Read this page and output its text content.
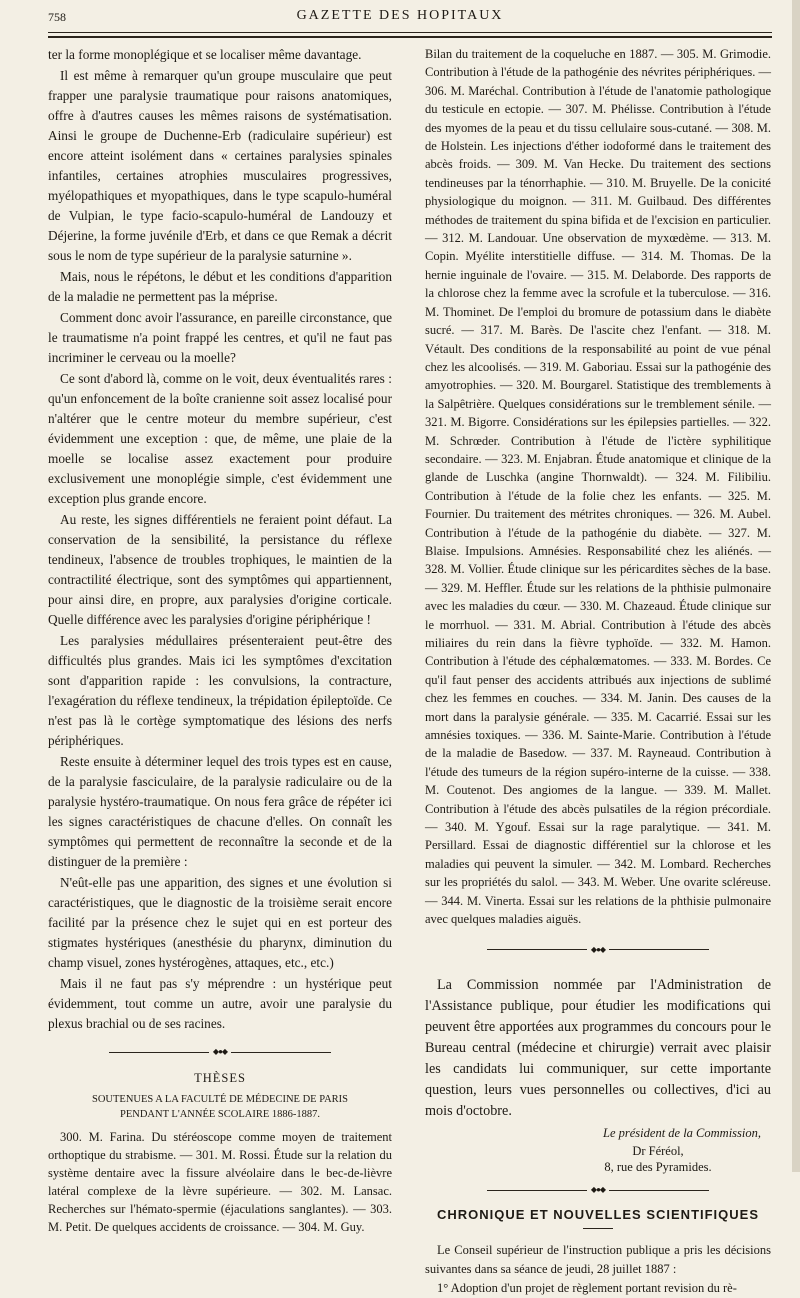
758	GAZETTE DES HOPITAUX

ter la forme monoplégique et se localiser même davantage.

Il est même à remarquer qu'un groupe musculaire que peut frapper une paralysie traumatique pour raisons anatomiques, offre à d'autres causes les mêmes raisons de systématisation. Ainsi le groupe de Duchenne-Erb (radiculaire supérieur) est encore atteint isolément dans « certaines paralysies spinales infantiles, certaines atrophies musculaires progressives, myélopathiques et myopathiques, dans le type scapulo-huméral de Vulpian, le type facio-scapulo-huméral de Landouzy et Déjerine, la forme juvénile d'Erb, et dans ce que Remak a décrit sous le nom de type supérieur de la paralysie saturnine ».

Mais, nous le répétons, le début et les conditions d'apparition de la maladie ne permettent pas la méprise.

Comment donc avoir l'assurance, en pareille circonstance, que le traumatisme n'a point frappé les centres, et qu'il ne faut pas incriminer le cerveau ou la moelle?

Ce sont d'abord là, comme on le voit, deux éventualités rares : qu'un enfoncement de la boîte cranienne soit assez localisé pour n'altérer que le centre moteur du membre supérieur, c'est évidemment une exception : que, de même, une plaie de la moelle se localise assez exactement pour produire exclusivement une monoplégie simple, c'est évidemment une exception plus grande encore.

Au reste, les signes différentiels ne feraient point défaut. La conservation de la sensibilité, la persistance du réflexe tendineux, l'absence de troubles trophiques, le maintien de la contractilité électrique, sont des symptômes qui appartiennent, pour ainsi dire, en propre, aux paralysies d'origine corticale. Quelle différence avec les paralysies d'origine périphérique !

Les paralysies médullaires présenteraient peut-être des difficultés plus grandes. Mais ici les symptômes d'excitation sont d'apparition rapide : les convulsions, la contracture, l'exagération du réflexe tendineux, la trépidation épileptoïde. Ce n'est pas là le cortège symptomatique des lésions des nerfs périphériques.

Reste ensuite à déterminer lequel des trois types est en cause, de la paralysie fasciculaire, de la paralysie radiculaire ou de la paralysie hystéro-traumatique. On nous fera grâce de répéter ici les signes caractéristiques de chacune d'elles. On connaît les symptômes qui permettent de reconnaître la seconde et de la distinguer de la première :

N'eût-elle pas une apparition, des signes et une évolution si caractéristiques, que le diagnostic de la troisième serait encore facilité par la présence chez le sujet qui en est porteur des stigmates hystériques (anesthésie du pharynx, diminution du champ visuel, zones hystérogènes, attaques, etc., etc.)

Mais il ne faut pas s'y méprendre : un hystérique peut évidemment, tout comme un autre, avoir une paralysie du plexus brachial ou de ses racines.

◆●◆
THÈSES
SOUTENUES A LA FACULTÉ DE MÉDECINE DE PARIS
PENDANT L'ANNÉE SCOLAIRE 1886-1887.

300. M. Farina. Du stéréoscope comme moyen de traitement orthoptique du strabisme. — 301. M. Rossi. Étude sur la relation du système dentaire avec la fissure alvéolaire dans le bec-de-lièvre latéral complexe de la lèvre supérieure. — 302. M. Lansac. Recherches sur l'hémato-spermie (éjaculations sanglantes). — 303. M. Petit. De quelques accidents de croissance. — 304. M. Guy.

Bilan du traitement de la coqueluche en 1887. — 305. M. Grimodie. Contribution à l'étude de la pathogénie des névrites périphériques. — 306. M. Maréchal. Contribution à l'étude de l'anatomie pathologique du testicule en ectopie. — 307. M. Phélisse. Contribution à l'étude des myomes de la peau et du tissu cellulaire sous-cutané. — 308. M. de Holstein. Les injections d'éther iodoformé dans le traitement des abcès froids. — 309. M. Van Hecke. Du traitement des sections tendineuses par la ténorrhaphie. — 310. M. Bruyelle. De la conicité physiologique du moignon. — 311. M. Guilbaud. Des différentes méthodes de traitement du spina bifida et de l'excision en particulier. — 312. M. Landouar. Une observation de myxœdème. — 313. M. Copin. Myélite interstitielle diffuse. — 314. M. Thomas. De la hernie inguinale de l'ovaire. — 315. M. Delaborde. Des rapports de la chlorose chez la femme avec la scrofule et la tuberculose. — 316. M. Thominet. De l'emploi du bromure de potassium dans le diabète sucré. — 317. M. Barès. De l'ascite chez l'enfant. — 318. M. Vétault. Des conditions de la responsabilité au point de vue pénal chez les alcoolisés. — 319. M. Gaboriau. Essai sur la pathogénie des amyotrophies. — 320. M. Bourgarel. Statistique des tremblements à la Salpêtrière. Quelques considérations sur le tremblement sénile. — 321. M. Bigorre. Considérations sur les épilepsies partielles. — 322. M. Schrœder. Contribution à l'étude de l'ictère syphilitique secondaire. — 323. M. Enjabran. Étude anatomique et clinique de la glande de Luschka (angine Thornwaldt). — 324. M. Filibiliu. Contribution à l'étude de la folie chez les enfants. — 325. M. Fournier. Du traitement des métrites chroniques. — 326. M. Aubel. Contribution à l'étude de la pathogénie du diabète. — 327. M. Blaise. Impulsions. Amnésies. Responsabilité chez les aliénés. — 328. M. Vollier. Étude clinique sur les péricardites sèches de la base. — 329. M. Heffler. Étude sur les relations de la phthisie pulmonaire avec les maladies du cœur. — 330. M. Chazeaud. Étude clinique sur le morrhuol. — 331. M. Abrial. Contribution à l'étude des abcès miliaires du rein dans la fièvre typhoïde. — 332. M. Hamon. Contribution à l'étude des céphalœmatomes. — 333. M. Bordes. Ce qu'il faut penser des accidents attribués aux injections de sublimé chez les femmes en couches. — 334. M. Janin. Des causes de la mort dans la paralysie générale. — 335. M. Cacarrié. Essai sur les amnésies toxiques. — 336. M. Sainte-Marie. Contribution à l'étude de la maladie de Basedow. — 337. M. Rayneaud. Contribution à l'étude des tumeurs de la région supéro-interne de la cuisse. — 338. M. Coutenot. Des angiomes de la langue. — 339. M. Mallet. Contribution à l'étude des abcès pulsatiles de la région précordiale. — 340. M. Ygouf. Essai sur la rage paralytique. — 341. M. Persillard. Essai de diagnostic différentiel sur la chlorose et les maladies qui peuvent la simuler. — 342. M. Lombard. Recherches sur les propriétés du salol. — 343. M. Weber. Une ovarite scléreuse. — 344. M. Vinerta. Essai sur les relations de la phthisie pulmonaire avec quelques maladies aiguës.

◆●◆

La Commission nommée par l'Administration de l'Assistance publique, pour étudier les modifications qui peuvent être apportées aux programmes du concours pour le Bureau central (médecine et chirurgie) verrait avec plaisir les candidats lui communiquer, sur cette importante question, leurs vues personnelles ou collectives, d'ici au mois d'octobre.

Le président de la Commission,
Dr Féréol,
8, rue des Pyramides.
◆●◆
CHRONIQUE ET NOUVELLES SCIENTIFIQUES

Le Conseil supérieur de l'instruction publique a pris les décisions suivantes dans sa séance de jeudi, 28 juillet 1887 :

1° Adoption d'un projet de règlement portant revision du rè-
